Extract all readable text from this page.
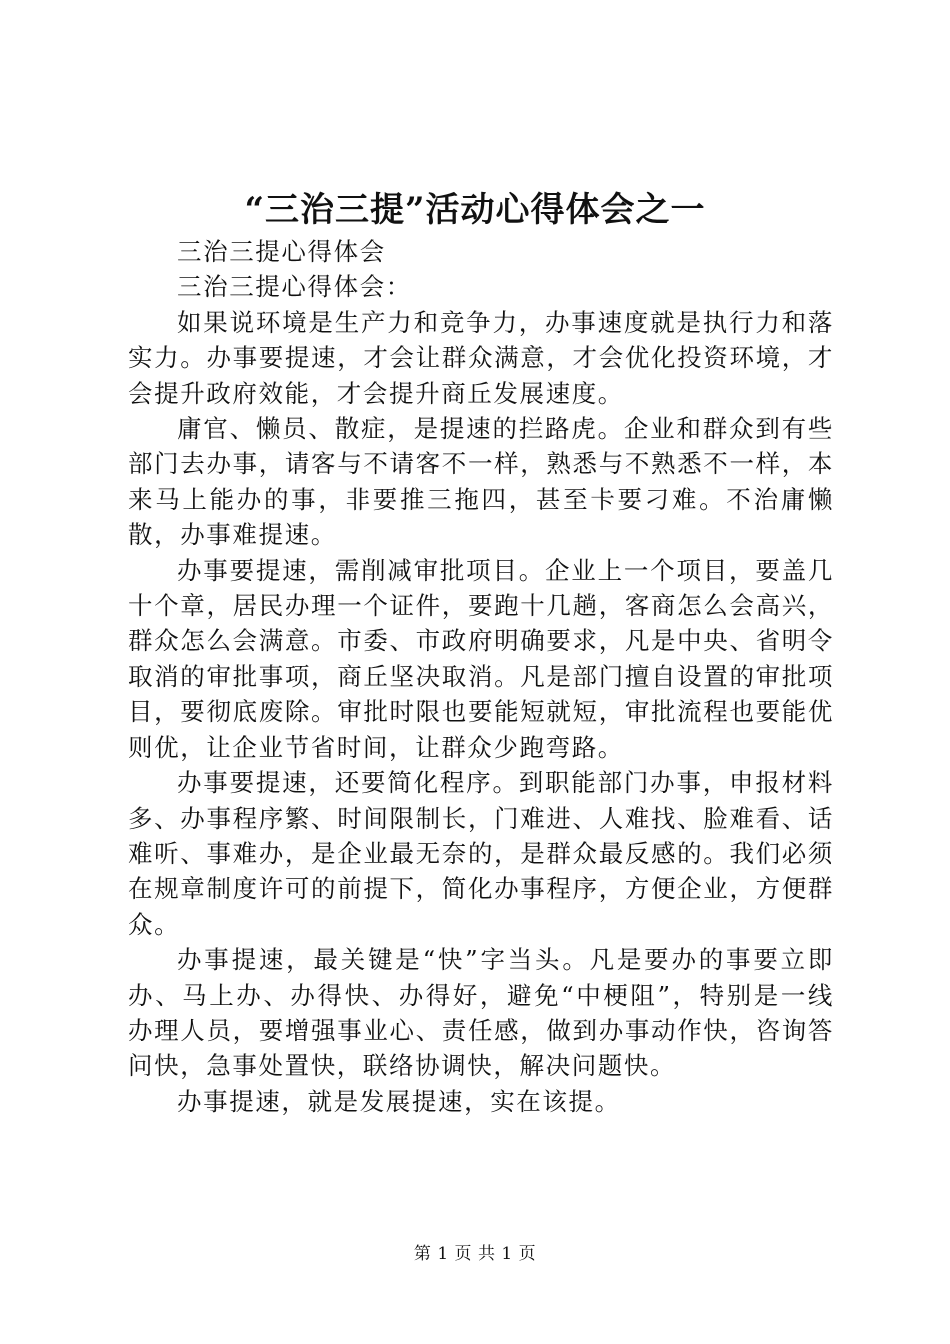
“三治三提”活动心得体会之一

三治三提心得体会

三治三提心得体会：

如果说环境是生产力和竞争力，办事速度就是执行力和落实力。办事要提速，才会让群众满意，才会优化投资环境，才会提升政府效能，才会提升商丘发展速度。

庸官、懒员、散症，是提速的拦路虎。企业和群众到有些部门去办事，请客与不请客不一样，熟悉与不熟悉不一样，本来马上能办的事，非要推三拖四，甚至卡要刁难。不治庸懒散，办事难提速。

办事要提速，需削减审批项目。企业上一个项目，要盖几十个章，居民办理一个证件，要跑十几趟，客商怎么会高兴，群众怎么会满意。市委、市政府明确要求，凡是中央、省明令取消的审批事项，商丘坚决取消。凡是部门擅自设置的审批项目，要彻底废除。审批时限也要能短就短，审批流程也要能优则优，让企业节省时间，让群众少跑弯路。

办事要提速，还要简化程序。到职能部门办事，申报材料多、办事程序繁、时间限制长，门难进、人难找、脸难看、话难听、事难办，是企业最无奈的，是群众最反感的。我们必须在规章制度许可的前提下，简化办事程序，方便企业，方便群众。

办事提速，最关键是“快”字当头。凡是要办的事要立即办、马上办、办得快、办得好，避免“中梗阻”，特别是一线办理人员，要增强事业心、责任感，做到办事动作快，咨询答问快，急事处置快，联络协调快，解决问题快。

办事提速，就是发展提速，实在该提。

第 1 页 共 1 页
